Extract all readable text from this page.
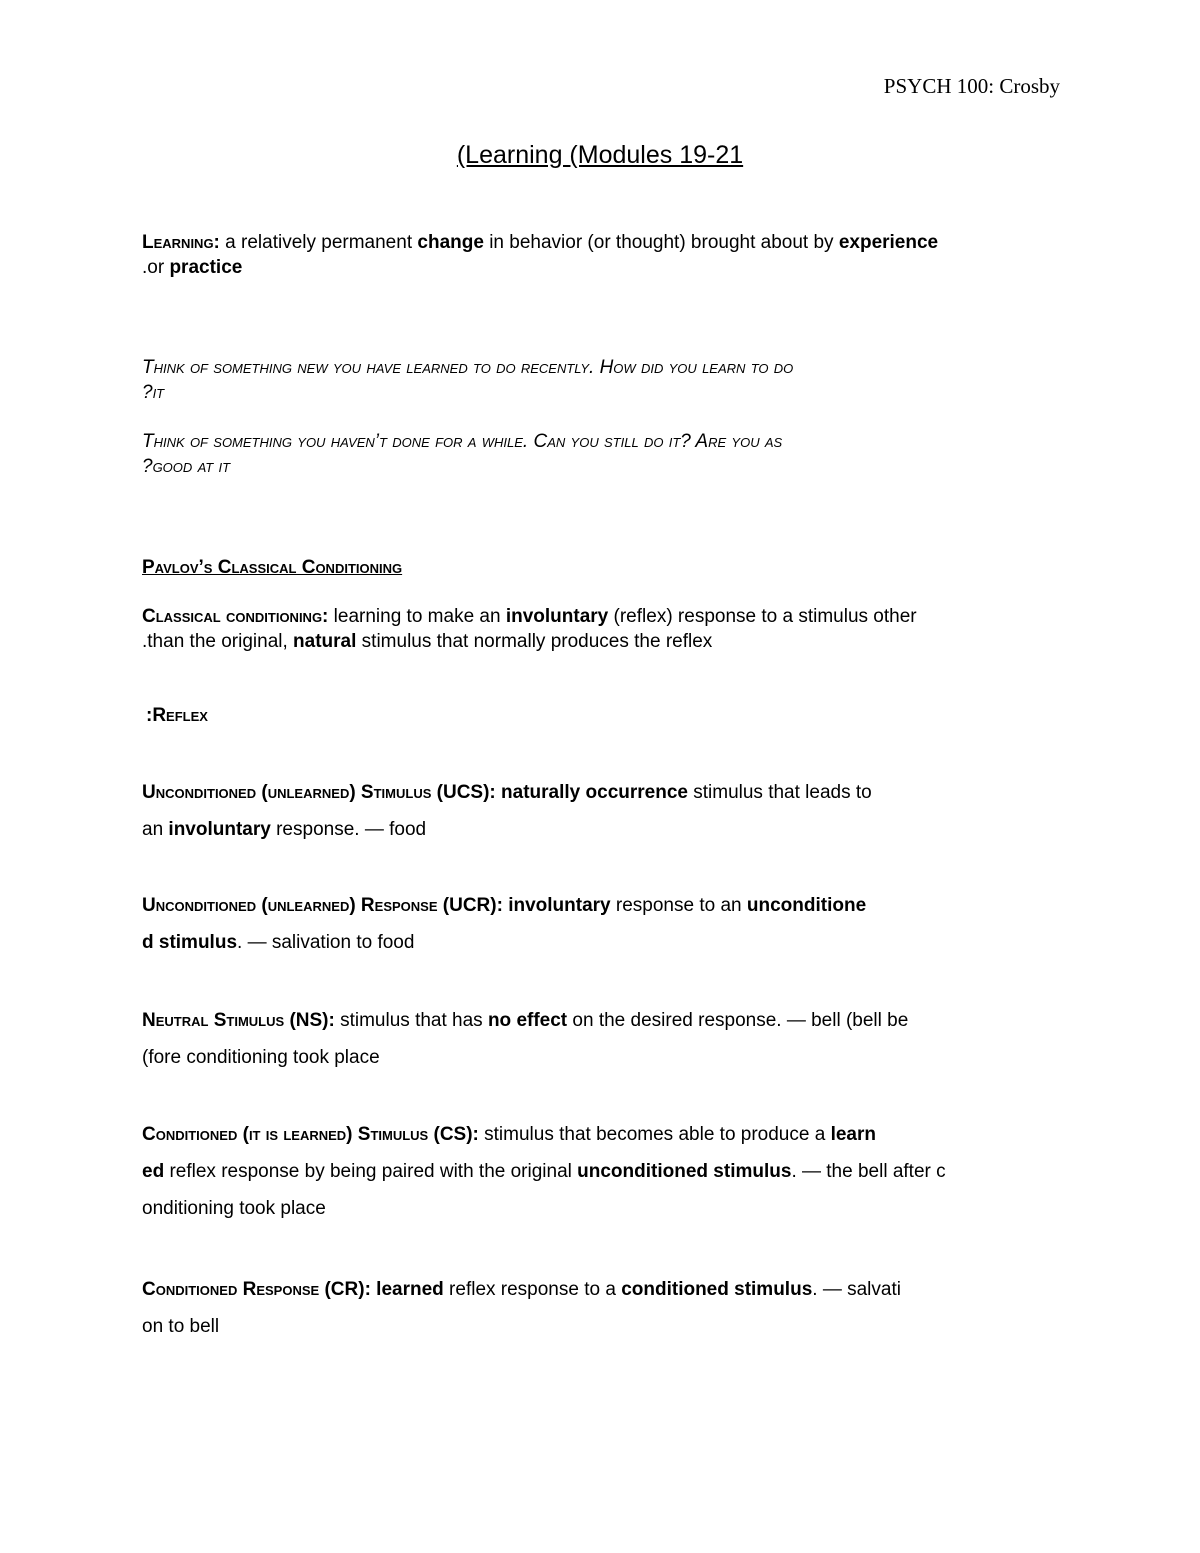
PSYCH 100: Crosby
(Learning (Modules 19-21
Learning: a relatively permanent change in behavior (or thought) brought about by experience
.or practice
Think of something new you have learned to do recently. How did you learn to do
?it
Think of something you haven’t done for a while. Can you still do it? Are you as
?good at it
Pavlov’s Classical Conditioning
Classical conditioning: learning to make an involuntary (reflex) response to a stimulus other
.than the original, natural stimulus that normally produces the reflex
:Reflex
Unconditioned (unlearned) Stimulus (UCS): naturally occurrence stimulus that leads to
an involuntary response. — food
Unconditioned (unlearned) Response (UCR): involuntary response to an unconditione
d stimulus. — salivation to food
Neutral Stimulus (NS): stimulus that has no effect on the desired response. — bell (bell be
(fore conditioning took place
Conditioned (it is learned) Stimulus (CS): stimulus that becomes able to produce a learn
ed reflex response by being paired with the original unconditioned stimulus. — the bell after c
onditioning took place
Conditioned Response (CR): learned reflex response to a conditioned stimulus. — salvati
on to bell
